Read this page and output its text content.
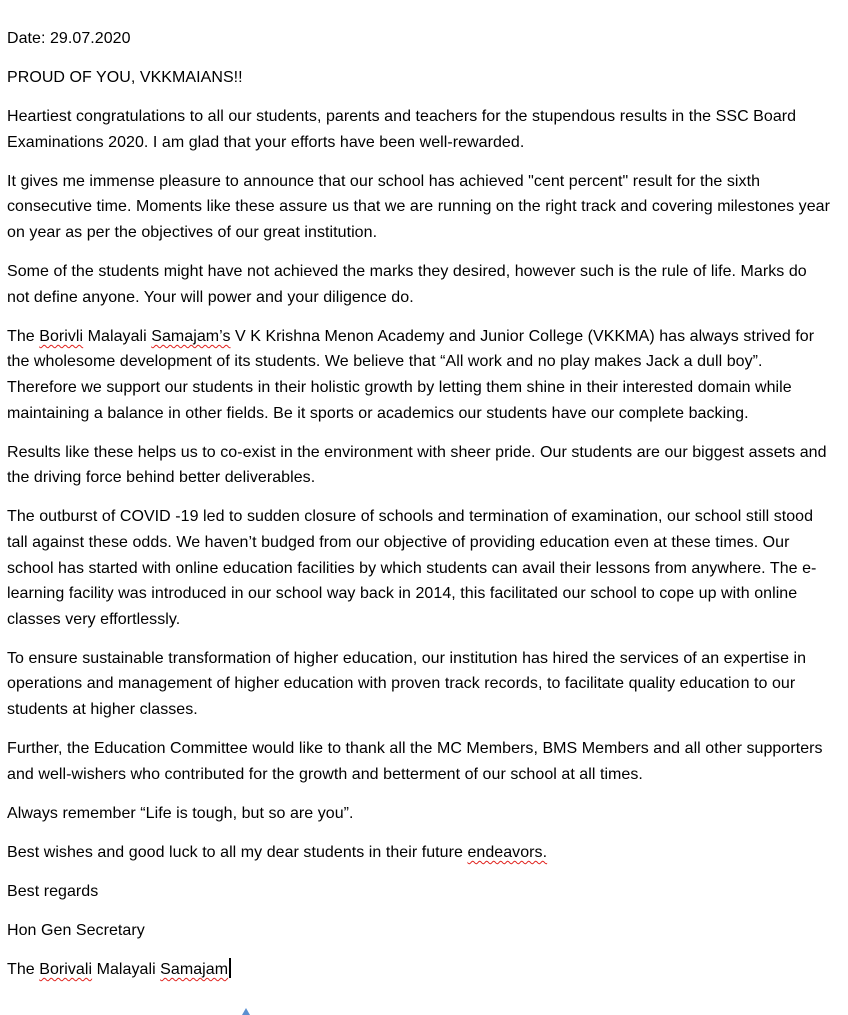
Date: 29.07.2020

PROUD OF YOU, VKKMAIANS!!

Heartiest congratulations to all our students, parents and teachers for the stupendous results in the SSC Board Examinations 2020. I am glad that your efforts have been well-rewarded.

It gives me immense pleasure to announce that our school has achieved "cent percent" result for the sixth consecutive time. Moments like these assure us that we are running on the right track and covering milestones year on year as per the objectives of our great institution.

Some of the students might have not achieved the marks they desired, however such is the rule of life. Marks do not define anyone. Your will power and your diligence do.

The Borivli Malayali Samajam’s V K Krishna Menon Academy and Junior College (VKKMA) has always strived for the wholesome development of its students. We believe that “All work and no play makes Jack a dull boy”. Therefore we support our students in their holistic growth by letting them shine in their interested domain while maintaining a balance in other fields. Be it sports or academics our students have our complete backing.

Results like these helps us to co-exist in the environment with sheer pride. Our students are our biggest assets and the driving force behind better deliverables.

The outburst of COVID -19 led to sudden closure of schools and termination of examination, our school still stood tall against these odds. We haven’t budged from our objective of providing education even at these times. Our school has started with online education facilities by which students can avail their lessons from anywhere. The e-learning facility was introduced in our school way back in 2014, this facilitated our school to cope up with online classes very effortlessly.

To ensure sustainable transformation of higher education, our institution has hired the services of an expertise in operations and management of higher education with proven track records, to facilitate quality education to our students at higher classes.

Further, the Education Committee would like to thank all the MC Members, BMS Members and all other supporters and well-wishers who contributed for the growth and betterment of our school at all times.

Always remember “Life is tough, but so are you”.

Best wishes and good luck to all my dear students in their future endeavors.

Best regards

Hon Gen Secretary

The Borivali Malayali Samajam
